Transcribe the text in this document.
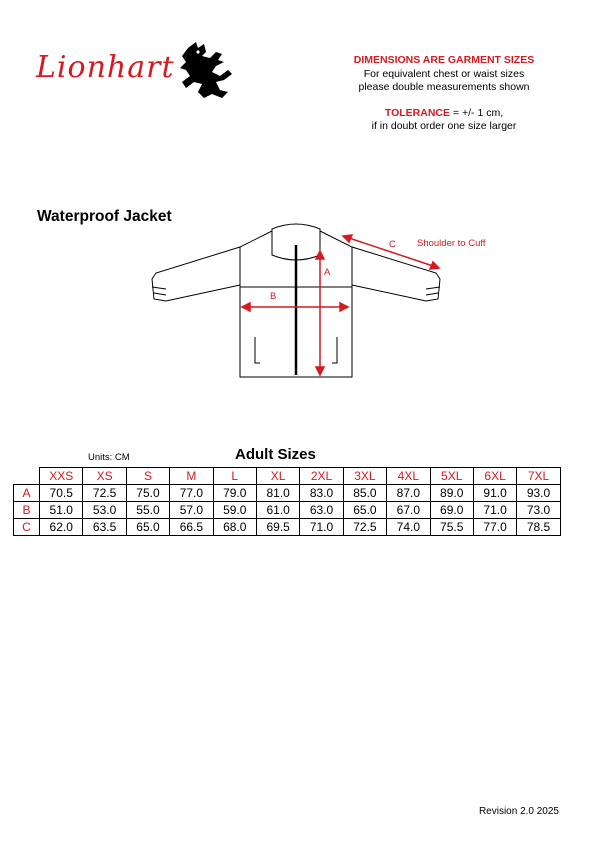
Lionhart	DIMENSIONS ARE GARMENT SIZES

For equivalent chest or waist sizes

please double measurements shown

TOLERANCE = +/- 1 cm,

if in doubt order one size larger

Waterproof Jacket
A
B
C Shoulder to Cuff
Units: CM	Adult Sizes
	XXS	XS	S	M	L	XL	2XL	3XL	4XL	5XL	6XL	7XL
A	70.5	72.5	75.0	77.0	79.0	81.0	83.0	85.0	87.0	89.0	91.0	93.0
B	51.0	53.0	55.0	57.0	59.0	61.0	63.0	65.0	67.0	69.0	71.0	73.0
C	62.0	63.5	65.0	66.5	68.0	69.5	71.0	72.5	74.0	75.5	77.0	78.5
Revision 2.0 2025
